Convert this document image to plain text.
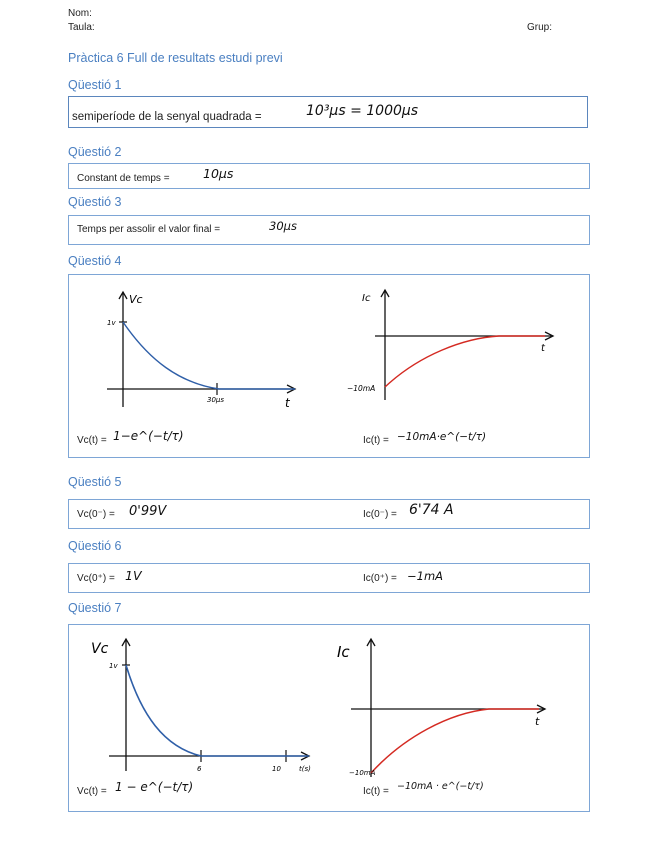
Nom:
Taula:	Grup:
Pràctica 6 Full de resultats estudi previ
Qüestió 1
semiperíode de la senyal quadrada =	10³µs = 1000µs
Qüestió 2
Constant de temps =	10µs
Qüestió 3
Temps per assolir el valor final =	30µs
Qüestió 4
Vc
1v
30µs	t
Ic
−10mA
t
Vc(t) = 1−e^(−t/τ)	Ic(t) = −10mA·e^(−t/τ)
Qüestió 5
Vc(0⁻) = 0'99V	Ic(0⁻) = 6'74 A
Qüestió 6
Vc(0⁺) = 1V	Ic(0⁺) = −1mA
Qüestió 7
Vc
1v
6	10	t(s)
Ic
−10mA
t
Vc(t) = 1 − e^(−t/τ)	Ic(t) = −10mA · e^(−t/τ)
